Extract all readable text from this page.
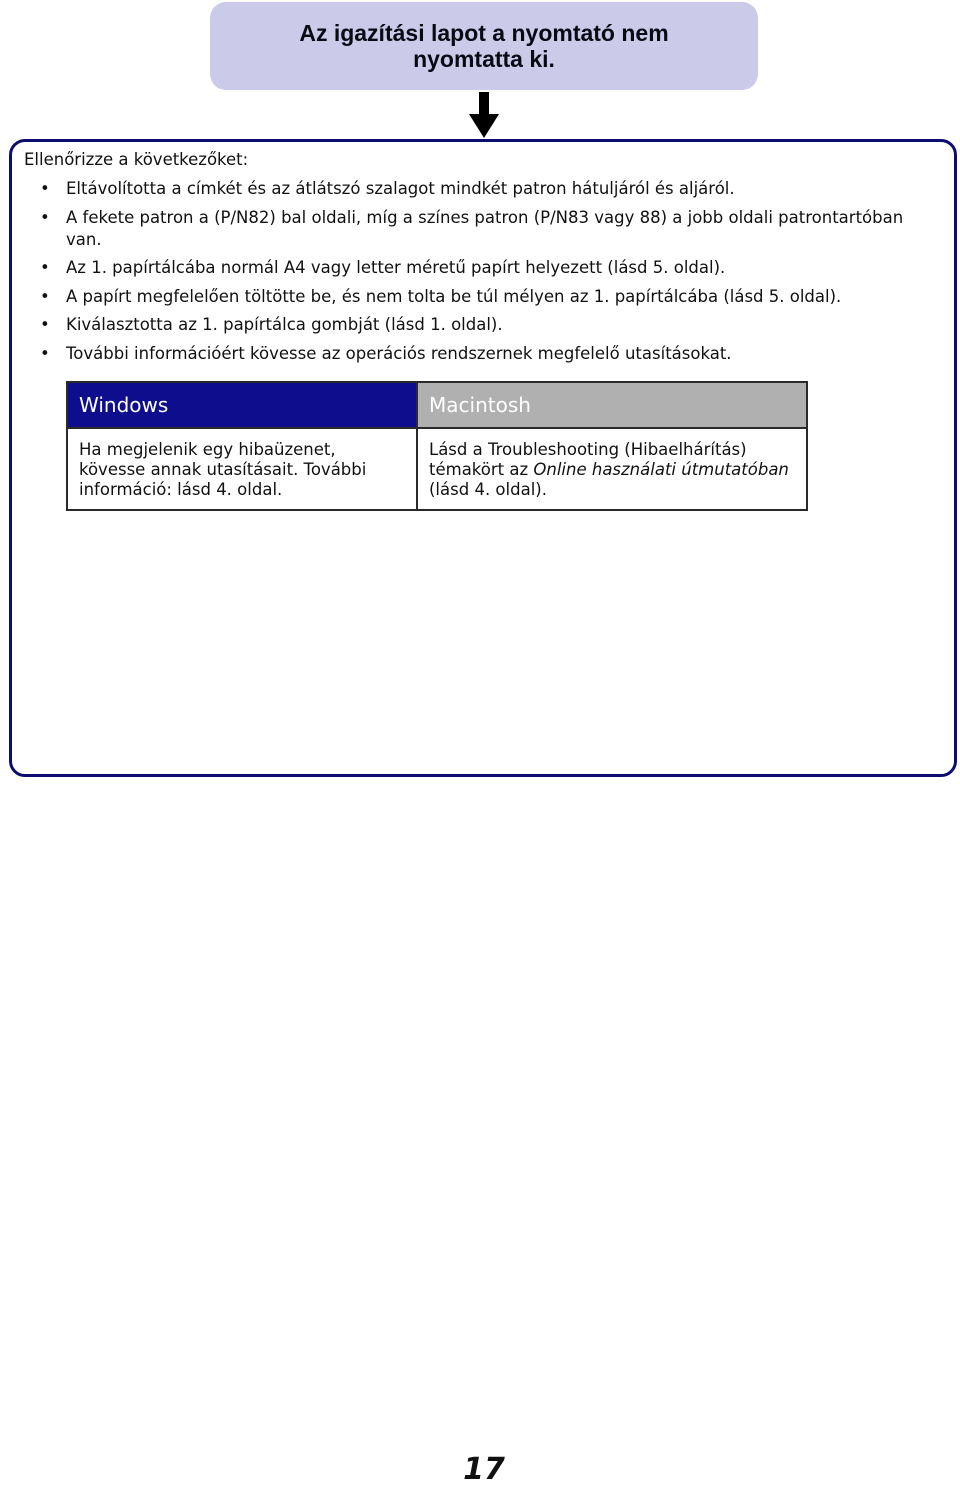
Az igazítási lapot a nyomtató nem nyomtatta ki.
Ellenőrizze a következőket:
• Eltávolította a címkét és az átlátszó szalagot mindkét patron hátuljáról és aljáról.
• A fekete patron a (P/N82) bal oldali, míg a színes patron (P/N83 vagy 88) a jobb oldali patrontartóban van.
• Az 1. papírtálcába normál A4 vagy letter méretű papírt helyezett (lásd 5. oldal).
• A papírt megfelelően töltötte be, és nem tolta be túl mélyen az 1. papírtálcába (lásd 5. oldal).
• Kiválasztotta az 1. papírtálca gombját (lásd 1. oldal).
• További információért kövesse az operációs rendszernek megfelelő utasításokat.
Windows	Macintosh
Ha megjelenik egy hibaüzenet, kövesse annak utasításait. További információ: lásd 4. oldal.	Lásd a Troubleshooting (Hibaelhárítás) témakört az Online használati útmutatóban (lásd 4. oldal).
17
